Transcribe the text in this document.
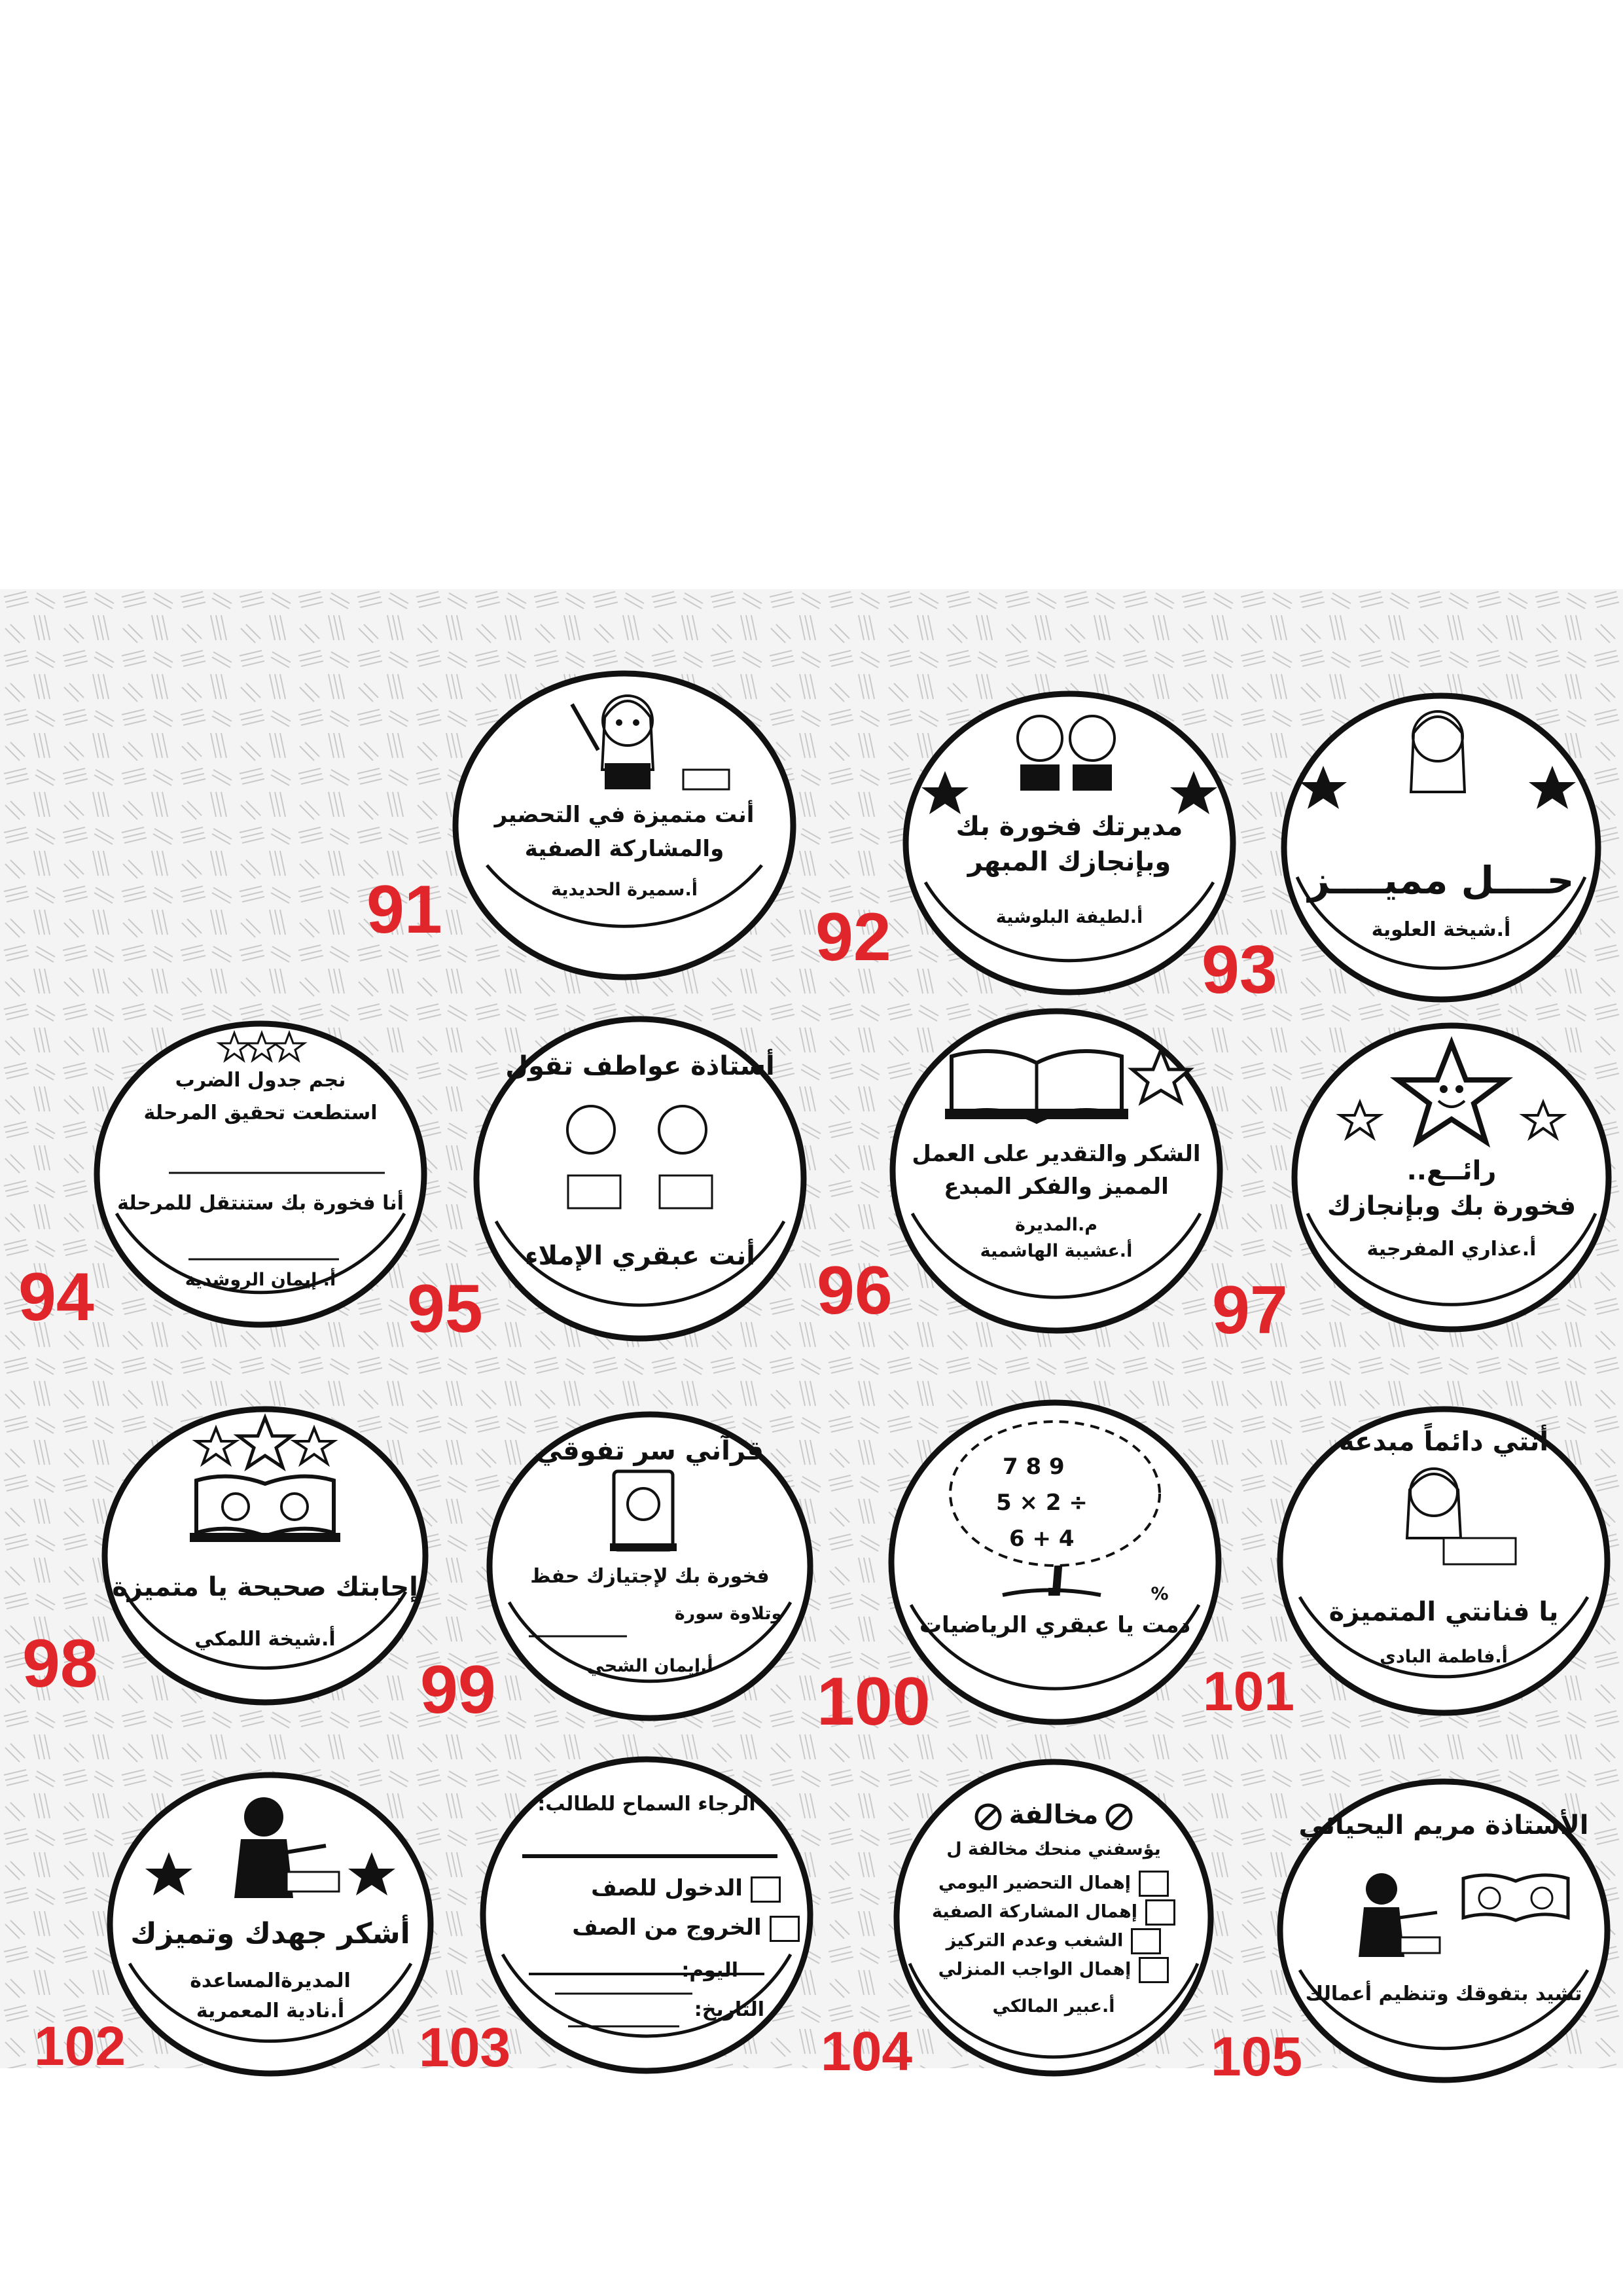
أنت متميزة في التحضير
والمشاركة الصفية
أ.سميرة الحديدية
91
مديرتك فخورة بك
وبإنجازك المبهر
أ.لطيفة البلوشية
92
حــــل مميــــز
أ.شيخة العلوية
93
نجم جدول الضرب
استطعت تحقيق المرحلة
أنا فخورة بك ستنتقل للمرحلة
أ. إيمان الروشدية
94
أستاذة عواطف تقول
أنت عبقري الإملاء
95
الشكر والتقدير على العمل
المميز والفكر المبدع
م.المديرة
أ.عشيبة الهاشمية
96
رائــع..
فخورة بك وبإنجازك
أ.عذاري المفرجية
97
إجابتك صحيحة يا متميزة
أ.شيخة اللمكي
98
قرآني سر تفوقي
فخورة بك لإجتيازك حفظ
وتلاوة سورة
أ.إيمان الشحي
99
7 8 9
5 × 2 ÷
6 + 4
%
دمت يا عبقري الرياضيات
100
أنتي دائماً مبدعة
يا فنانتي المتميزة
أ.فاطمة البادي
101
أشكر جهدك وتميزك
المديرةالمساعدة
أ.نادية المعمرية
102
الرجاء السماح للطالب:
الدخول للصف
الخروج من الصف
اليوم:
التاريخ:
103
مخالفة
يؤسفني منحك مخالفة ل
إهمال التحضير اليومي
إهمال المشاركة الصفية
الشغب وعدم التركيز
إهمال الواجب المنزلي
أ.عبير المالكي
104
الأستاذة مريم اليحيائي
تشيد بتفوقك وتنظيم أعمالك
105
